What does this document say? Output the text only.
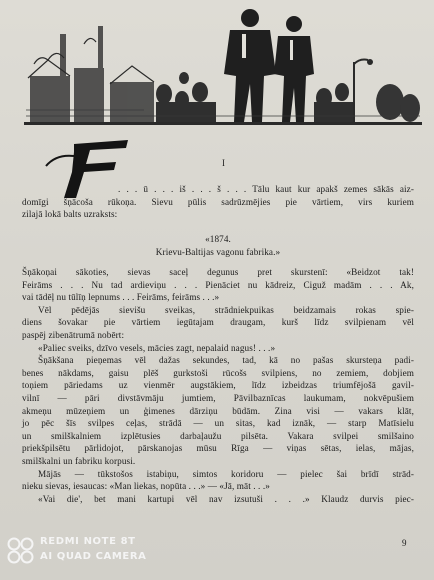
I
. . . ū . . . iš . . . š . . . Tālu kaut kur apakš zemes sākās aiz-
domīgi šņācoša rūkoņa. Sievu pūlis sadrūzmējies pie vārtiem, virs kuriem
zilajā lokā balts uzraksts:
«1874.
Krievu-Baltijas vagonu fabrika.»
Šņākoņai sākoties, sievas saceļ degunus pret skurstenī: «Beidzot tak!
Feirāms . . . Nu tad ardieviņu . . . Pienāciet nu kādreiz, Ciguž madām . . . Ak,
vai tādēļ nu tūlīņ lepnums . . . Feirāms, feirāms . . .»
Vēl pēdējās sievišu sveikas, strādniekpuikas beidzamais rokas spie-
diens šovakar pie vārtiem iegūtajam draugam, kurš līdz svilpienam vēl
paspēj zibenātrumā nobērt:
«Paliec sveiks, dzīvo vesels, mācies zagt, nepalaid nagus! . . .»
Šņākšana pieņemas vēl dažas sekundes, tad, kā no pašas skursteņa padi-
benes nākdams, gaisu plēš gurkstoši rūcošs svilpiens, no zemiem, dobjiem
toņiem pāriedams uz vienmēr augstākiem, līdz izbeidzas triumfējošā gavil-
vilnī — pāri divstāvmāju jumtiem, Pāvilbaznīcas laukumam, nokvēpušiem
akmeņu mūzeņiem un ģimenes dārziņu būdām. Zina visi — vakars klāt,
jo pēc šīs svilpes ceļas, strādā — un sitas, kad iznāk, — starp Matīsielu
un smilškalniem izplētusies darbaļaužu pilsēta. Vakara svilpei smilšaino
priekšpilsētu pārlidojot, pārskanojas mūsu Rīga — viņas sētas, ielas, mājas,
smilškalni un fabriku korpusi.
Mājās — tūkstošos istabiņu, simtos koridoru — pielec šai brīdī strād-
nieku sievas, iesaucas: «Man liekas, nopūta . . .» — «Jā, māt . . .»
«Vai die', bet mani kartupi vēl nav izsutuši . . .» Klaudz durvis piec-
9
REDMI NOTE 8T
AI QUAD CAMERA
